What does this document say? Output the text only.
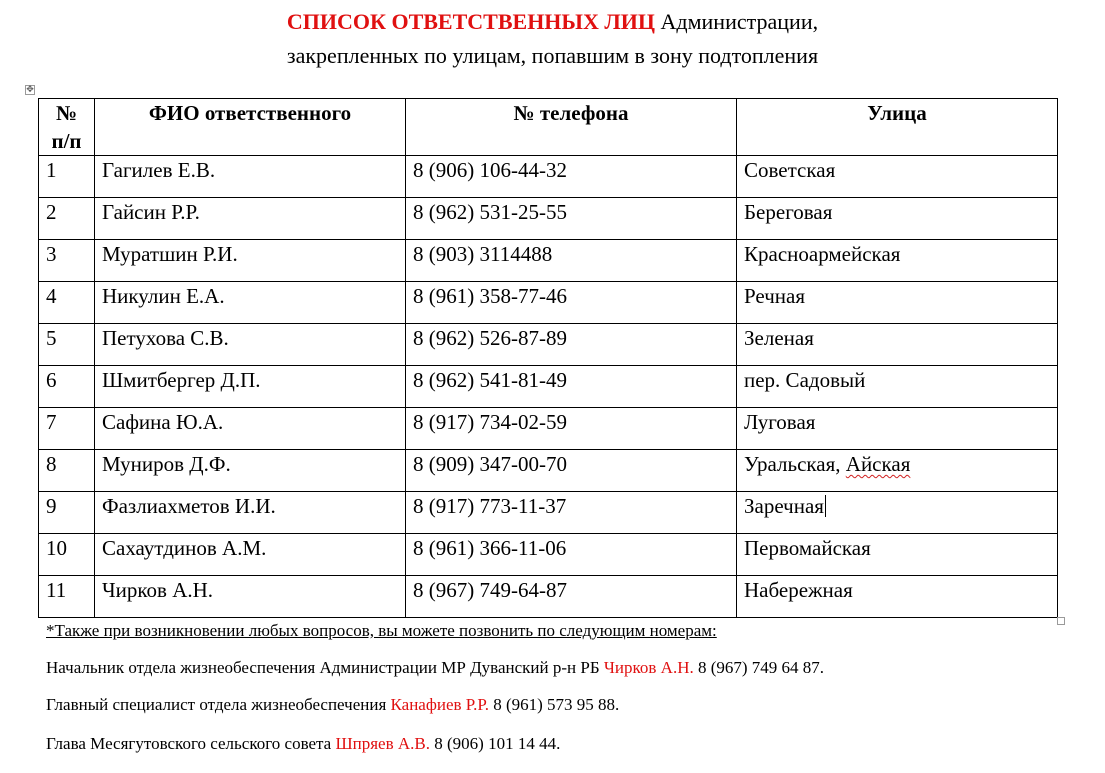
СПИСОК ОТВЕТСТВЕННЫХ ЛИЦ Администрации,
закрепленных по улицам, попавшим в зону подтопления
✥
№
п/п	ФИО ответственного	№ телефона	Улица
1	Гагилев Е.В.	8 (906) 106-44-32	Советская
2	Гайсин Р.Р.	8 (962) 531-25-55	Береговая
3	Муратшин Р.И.	8 (903) 3114488	Красноармейская
4	Никулин Е.А.	8 (961) 358-77-46	Речная
5	Петухова С.В.	8 (962) 526-87-89	Зеленая
6	Шмитбергер Д.П.	8 (962) 541-81-49	пер. Садовый
7	Сафина Ю.А.	8 (917) 734-02-59	Луговая
8	Муниров Д.Ф.	8 (909) 347-00-70	Уральская, Айская
9	Фазлиахметов И.И.	8 (917) 773-11-37	Заречная
10	Сахаутдинов А.М.	8 (961) 366-11-06	Первомайская
11	Чирков А.Н.	8 (967) 749-64-87	Набережная
*Также при возникновении любых вопросов, вы можете позвонить по следующим номерам:
Начальник отдела жизнеобеспечения Администрации МР Дуванский р-н РБ Чирков А.Н. 8 (967) 749 64 87.
Главный специалист отдела жизнеобеспечения Канафиев Р.Р. 8 (961) 573 95 88.
Глава Месягутовского сельского совета Шпряев А.В. 8 (906) 101 14 44.
